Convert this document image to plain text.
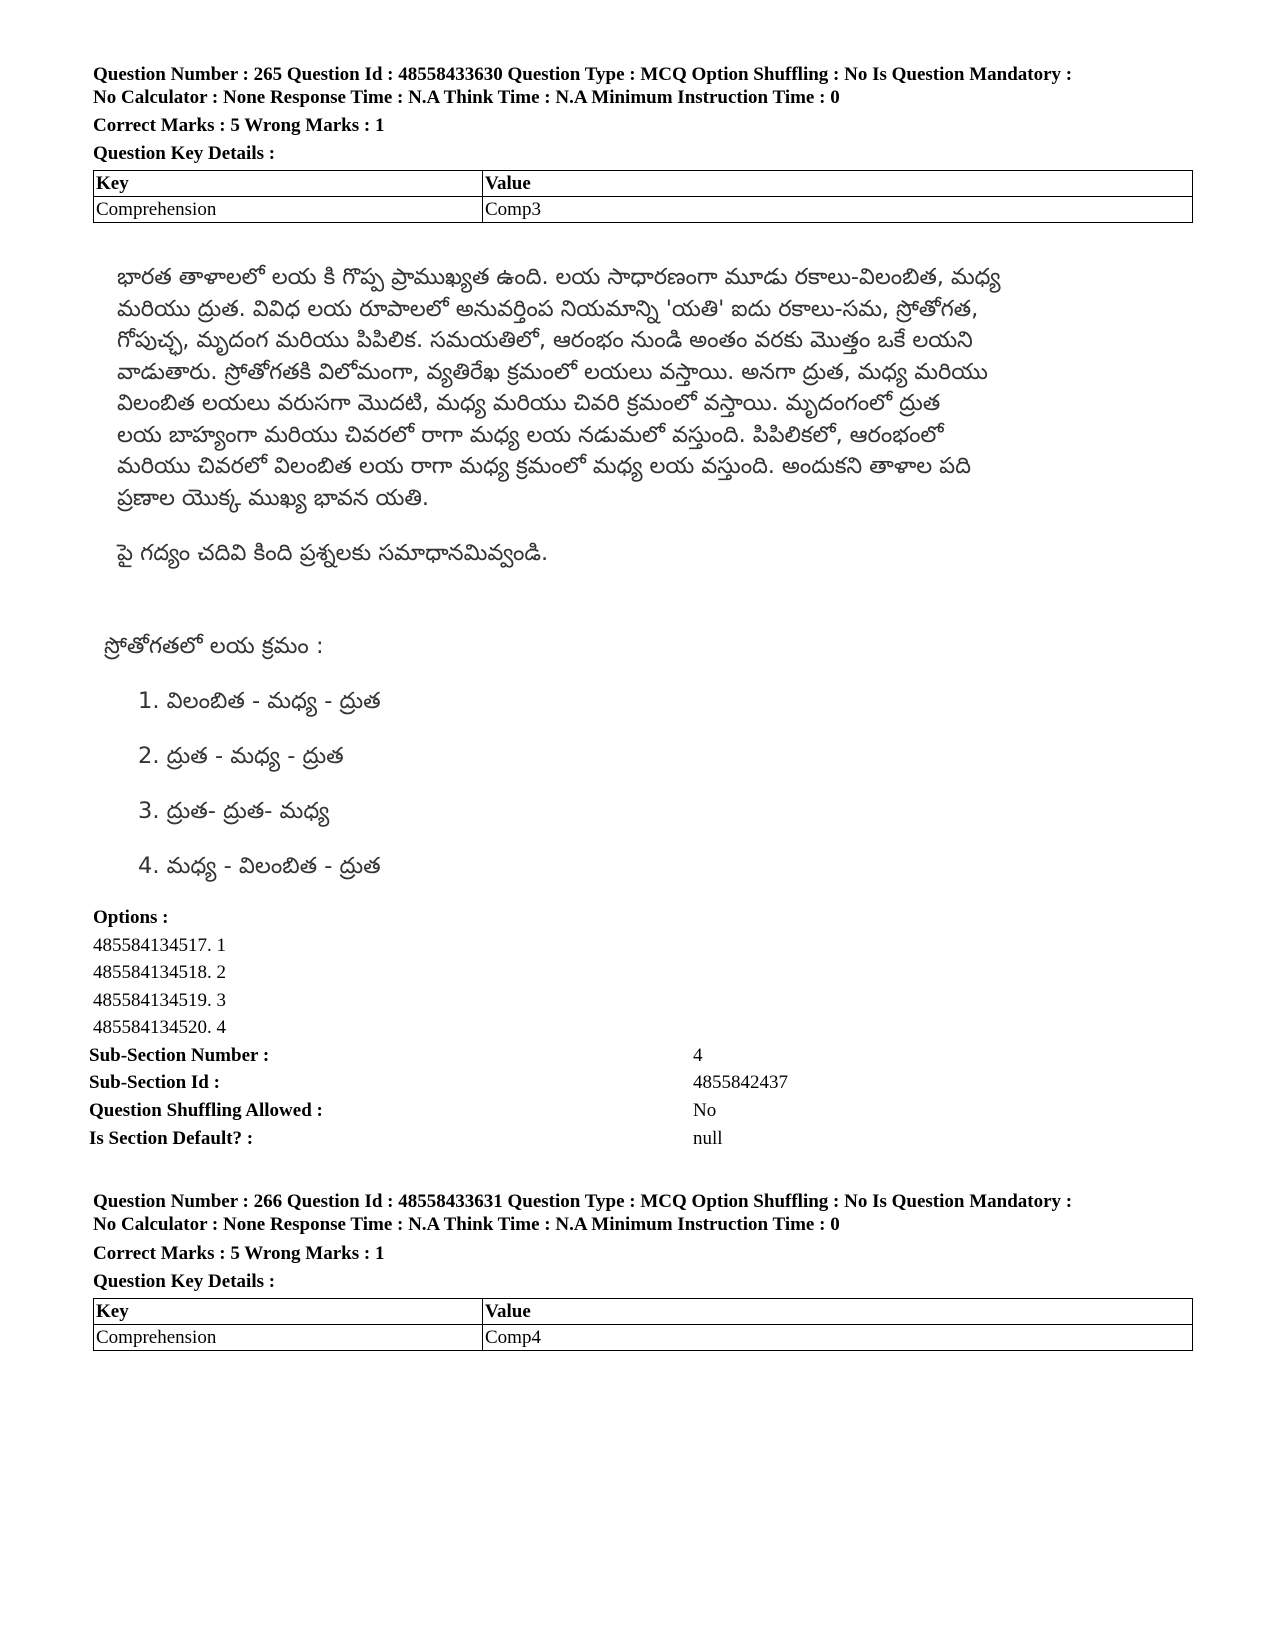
Question Number : 265 Question Id : 48558433630 Question Type : MCQ Option Shuffling : No Is Question Mandatory :
No Calculator : None Response Time : N.A Think Time : N.A Minimum Instruction Time : 0
Correct Marks : 5 Wrong Marks : 1
Question Key Details :
Key	Value
Comprehension	Comp3
భారత తాళాలలో లయ కి గొప్ప ప్రాముఖ్యత ఉంది. లయ సాధారణంగా మూడు రకాలు-విలంబిత, మధ్య
మరియు ద్రుత. వివిధ లయ రూపాలలో అనువర్తింప నియమాన్ని 'యతి' ఐదు రకాలు-సమ, స్రోతోగత,
గోపుచ్ఛ, మృదంగ మరియు పిపిలిక. సమయతిలో, ఆరంభం నుండి అంతం వరకు మొత్తం ఒకే లయని
వాడుతారు. స్రోతోగతకి విలోమంగా, వ్యతిరేఖ క్రమంలో లయలు వస్తాయి. అనగా ద్రుత, మధ్య మరియు
విలంబిత లయలు వరుసగా మొదటి, మధ్య మరియు చివరి క్రమంలో వస్తాయి. మృదంగంలో ద్రుత
లయ బాహ్యంగా మరియు చివరలో రాగా మధ్య లయ నడుమలో వస్తుంది. పిపిలికలో, ఆరంభంలో
మరియు చివరలో విలంబిత లయ రాగా మధ్య క్రమంలో మధ్య లయ వస్తుంది. అందుకని తాళాల పది
ప్రణాల యొక్క ముఖ్య భావన యతి.
పై గద్యం చదివి కింది ప్రశ్నలకు సమాధానమివ్వండి.
స్రోతోగతలో లయ క్రమం :
1. విలంబిత - మధ్య - ద్రుత
2. ద్రుత - మధ్య - ద్రుత
3. ద్రుత- ద్రుత- మధ్య
4. మధ్య - విలంబిత - ద్రుత
Options :
485584134517. 1
485584134518. 2
485584134519. 3
485584134520. 4
Sub-Section Number :	4
Sub-Section Id :	4855842437
Question Shuffling Allowed :	No
Is Section Default? :	null
Question Number : 266 Question Id : 48558433631 Question Type : MCQ Option Shuffling : No Is Question Mandatory :
No Calculator : None Response Time : N.A Think Time : N.A Minimum Instruction Time : 0
Correct Marks : 5 Wrong Marks : 1
Question Key Details :
Key	Value
Comprehension	Comp4
